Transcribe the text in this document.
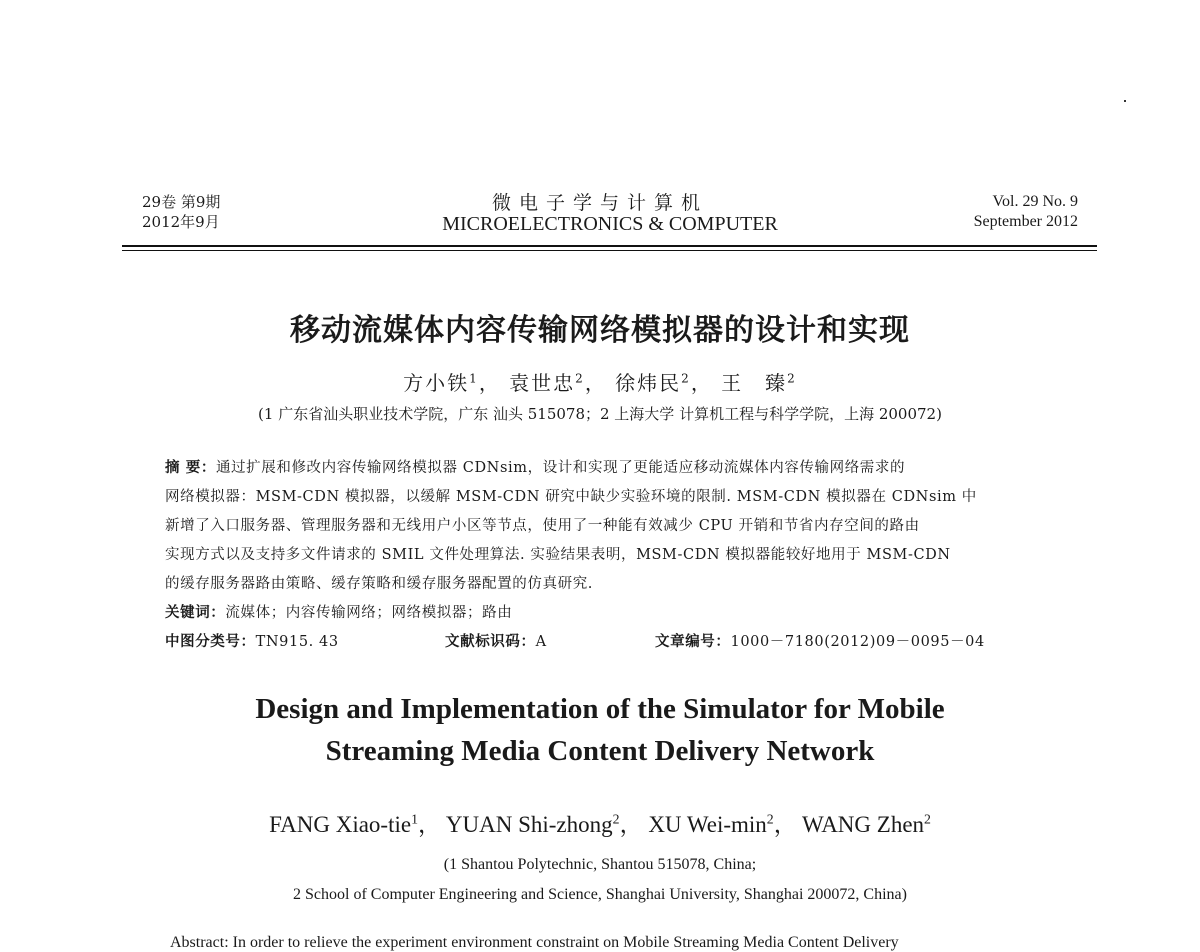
29卷 第9期
2012年9月
微电子学与计算机
MICROELECTRONICS & COMPUTER
Vol. 29 No. 9
September 2012
移动流媒体内容传输网络模拟器的设计和实现
方小铁$^1$， 袁世忠$^2$， 徐炜民$^2$， 王　臻$^2$
(1 广东省汕头职业技术学院，广东 汕头 515078；2 上海大学 计算机工程与科学学院，上海 200072)
摘 要：通过扩展和修改内容传输网络模拟器 CDNsim，设计和实现了更能适应移动流媒体内容传输网络需求的
网络模拟器：MSM-CDN 模拟器，以缓解 MSM-CDN 研究中缺少实验环境的限制. MSM-CDN 模拟器在 CDNsim 中
新增了入口服务器、管理服务器和无线用户小区等节点，使用了一种能有效减少 CPU 开销和节省内存空间的路由
实现方式以及支持多文件请求的 SMIL 文件处理算法. 实验结果表明，MSM-CDN 模拟器能较好地用于 MSM-CDN
的缓存服务器路由策略、缓存策略和缓存服务器配置的仿真研究.
关键词：流媒体；内容传输网络；网络模拟器；路由
中图分类号：TN915. 43	文献标识码：A	文章编号：1000－7180(2012)09－0095－04
Design and Implementation of the Simulator for Mobile
Streaming Media Content Delivery Network
FANG Xiao-tie$^1$， YUAN Shi-zhong$^2$， XU Wei-$\min^2$， WANG Zhen$^2$
(1 Shantou Polytechnic, Shantou 515078, China;
2 School of Computer Engineering and Science, Shanghai University, Shanghai 200072, China)
Abstract: In order to relieve the experiment environment constraint on Mobile Streaming Media Content Delivery
